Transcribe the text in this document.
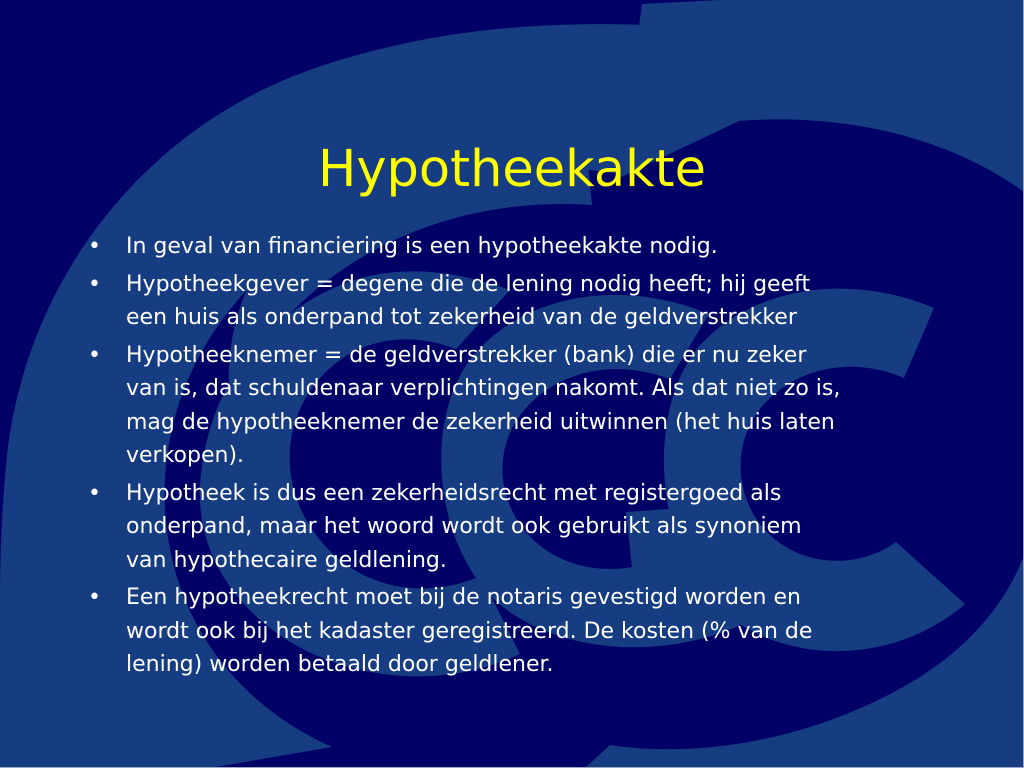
Hypotheekakte
•	In geval van financiering is een hypotheekakte nodig.
•	Hypotheekgever = degene die de lening nodig heeft; hij geeft
een huis als onderpand tot zekerheid van de geldverstrekker
•	Hypotheeknemer = de geldverstrekker (bank) die er nu zeker
van is, dat schuldenaar verplichtingen nakomt. Als dat niet zo is,
mag de hypotheeknemer de zekerheid uitwinnen (het huis laten
verkopen).
•	Hypotheek is dus een zekerheidsrecht met registergoed als
onderpand, maar het woord wordt ook gebruikt als synoniem
van hypothecaire geldlening.
•	Een hypotheekrecht moet bij de notaris gevestigd worden en
wordt ook bij het kadaster geregistreerd. De kosten (% van de
lening) worden betaald door geldlener.
